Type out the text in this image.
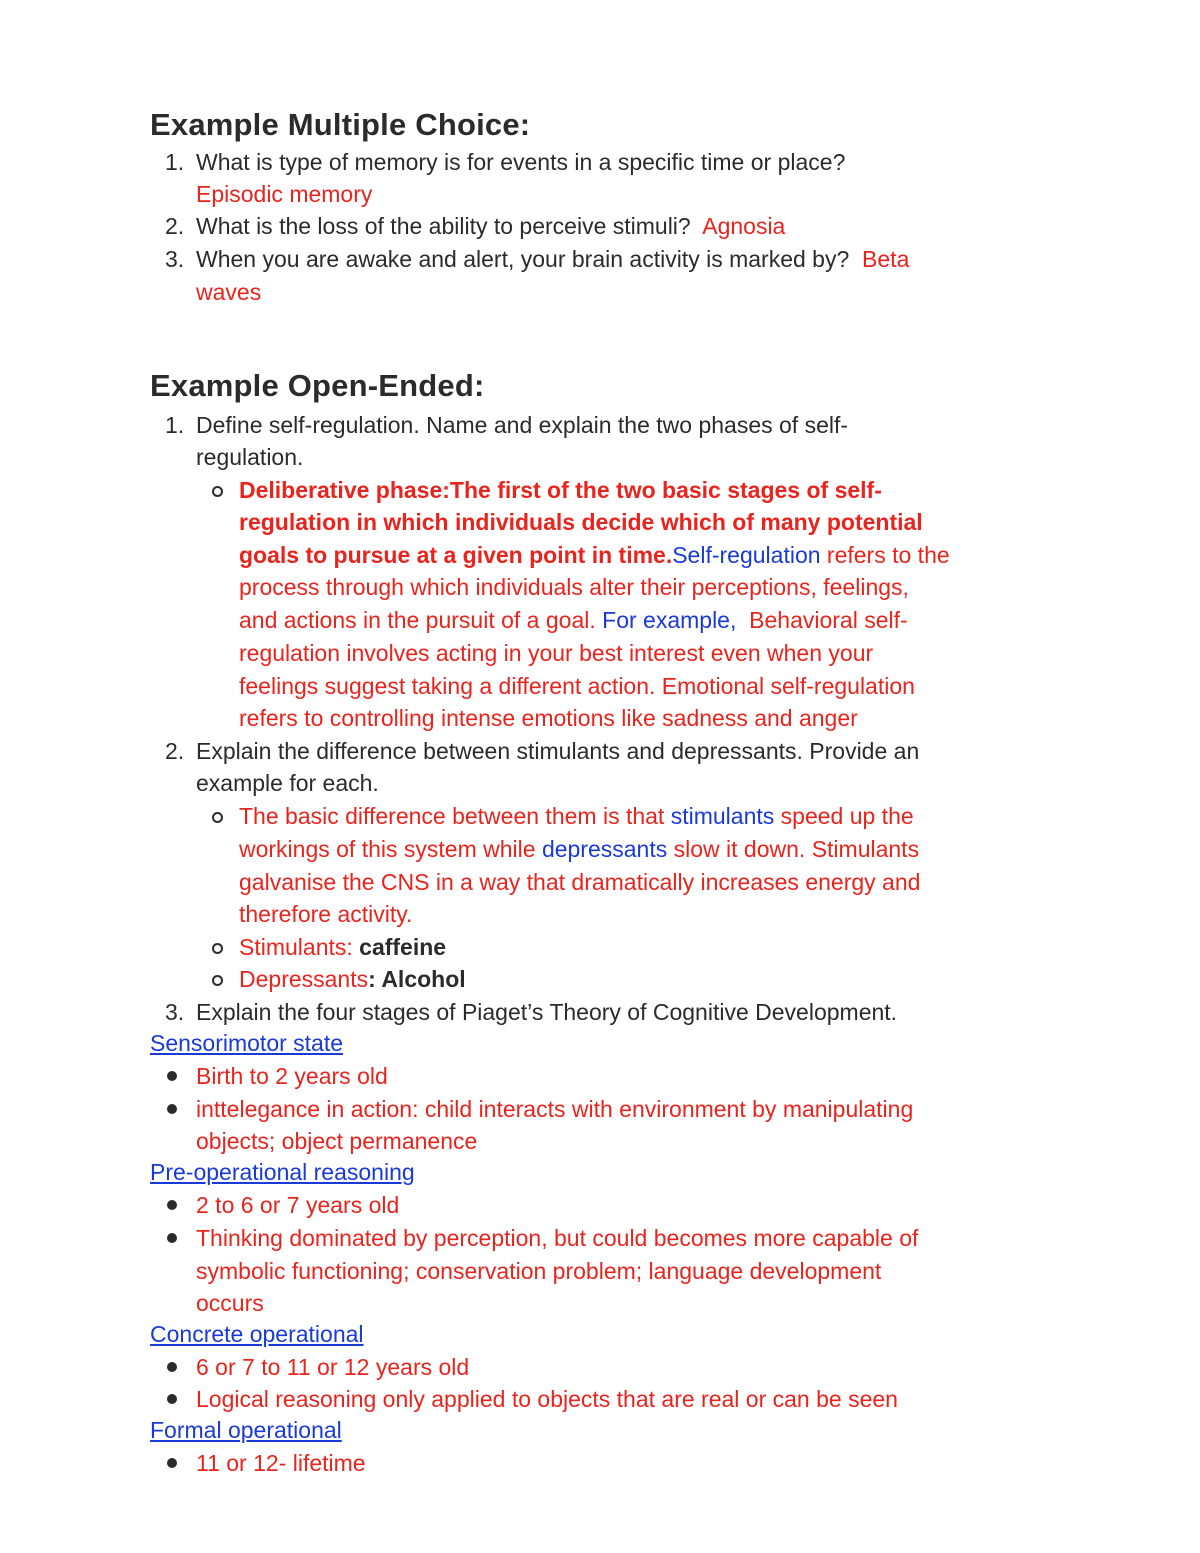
Example Multiple Choice:
1. What is type of memory is for events in a specific time or place?
Episodic memory
2. What is the loss of the ability to perceive stimuli? Agnosia
3. When you are awake and alert, your brain activity is marked by? Beta
waves
Example Open-Ended:
1. Define self-regulation. Name and explain the two phases of self-
regulation.
Deliberative phase:The first of the two basic stages of self-
regulation in which individuals decide which of many potential
goals to pursue at a given point in time.Self-regulation refers to the
process through which individuals alter their perceptions, feelings,
and actions in the pursuit of a goal. For example,  Behavioral self-
regulation involves acting in your best interest even when your
feelings suggest taking a different action. Emotional self-regulation
refers to controlling intense emotions like sadness and anger
2. Explain the difference between stimulants and depressants. Provide an
example for each.
The basic difference between them is that stimulants speed up the
workings of this system while depressants slow it down. Stimulants
galvanise the CNS in a way that dramatically increases energy and
therefore activity.
Stimulants: caffeine
Depressants: Alcohol
3. Explain the four stages of Piaget’s Theory of Cognitive Development.
Sensorimotor state
Birth to 2 years old
inttelegance in action: child interacts with environment by manipulating
objects; object permanence
Pre-operational reasoning
2 to 6 or 7 years old
Thinking dominated by perception, but could becomes more capable of
symbolic functioning; conservation problem; language development
occurs
Concrete operational
6 or 7 to 11 or 12 years old
Logical reasoning only applied to objects that are real or can be seen
Formal operational
11 or 12- lifetime
